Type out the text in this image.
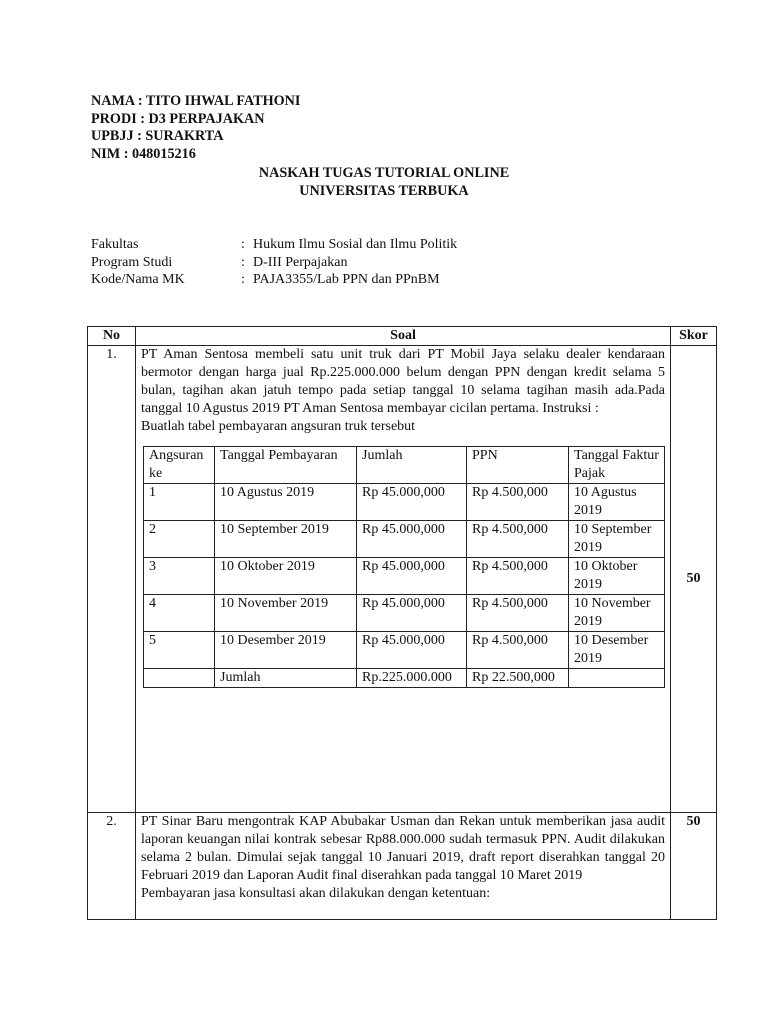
NAMA : TITO IHWAL FATHONI
PRODI : D3 PERPAJAKAN
UPBJJ : SURAKRTA
NIM : 048015216
NASKAH TUGAS TUTORIAL ONLINE
UNIVERSITAS TERBUKA
Fakultas	: Hukum Ilmu Sosial dan Ilmu Politik
Program Studi	: D-III Perpajakan
Kode/Nama MK	: PAJA3355/Lab PPN dan PPnBM
No	Soal	Skor
1.	PT Aman Sentosa membeli satu unit truk dari PT Mobil Jaya selaku dealer kendaraan bermotor dengan harga jual Rp.225.000.000 belum dengan PPN dengan kredit selama 5 bulan, tagihan akan jatuh tempo pada setiap tanggal 10 selama tagihan masih ada.Pada tanggal 10 Agustus 2019 PT Aman Sentosa membayar cicilan pertama. Instruksi :

Buatlah tabel pembayaran angsuran truk tersebut

Angsuran ke	Tanggal Pembayaran	Jumlah	PPN	Tanggal Faktur Pajak
1	10 Agustus 2019	Rp 45.000,000	Rp 4.500,000	10 Agustus 2019
2	10 September 2019	Rp 45.000,000	Rp 4.500,000	10 September 2019
3	10 Oktober 2019	Rp 45.000,000	Rp 4.500,000	10 Oktober 2019
4	10 November 2019	Rp 45.000,000	Rp 4.500,000	10 November 2019
5	10 Desember 2019	Rp 45.000,000	Rp 4.500,000	10 Desember 2019
	Jumlah	Rp.225.000.000	Rp 22.500,000	
	50
2.	PT Sinar Baru mengontrak KAP Abubakar Usman dan Rekan untuk memberikan jasa audit laporan keuangan nilai kontrak sebesar Rp88.000.000 sudah termasuk PPN. Audit dilakukan selama 2 bulan. Dimulai sejak tanggal 10 Januari 2019, draft report diserahkan tanggal 20 Februari 2019 dan Laporan Audit final diserahkan pada tanggal 10 Maret 2019

Pembayaran jasa konsultasi akan dilakukan dengan ketentuan:

	50
